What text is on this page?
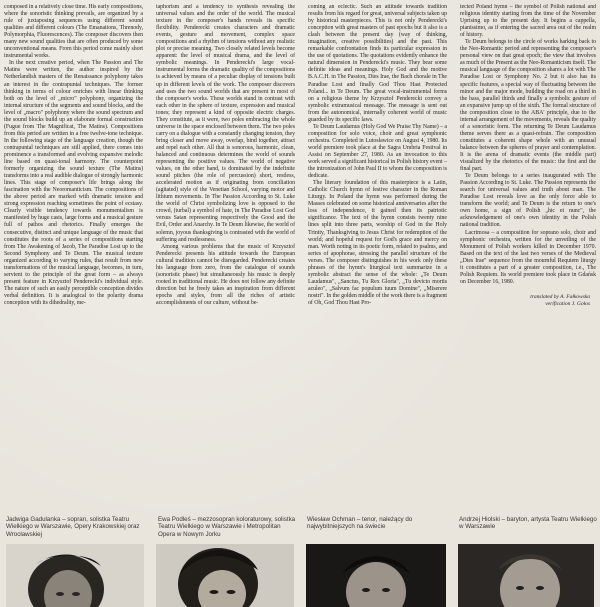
composed in a relatively close time. His early compositions, where the sonoristic thinking prevails, are organized by a rule of juxtaposing sequences using different sound qualities and different colours (The Emanations, Threnody, Polymorphia, Fluorescences). The composer discovers then many new sound qualities that are often produced by some unconventional means. From this period come mainly short instrumental works.

In the next creative period, when The Passion and The Matins were written, the author inspired by the Netherlandish masters of the Renaissance polyphony takes an interest in the contrapuntal techniques. The former thinking in terms of colour enriches with linear thinking both on the level of „micro" polyphony, organizing the internal structure of the segments and sound blocks, and the level of „macro" polyphony where the sound spectrum and the sound blocks build up an elaborate formal construction (Fugue from The Magnificat, The Matins). Compositions from this period are written in a free twelve-tone technique. In the following stage of the language creation, though the contrapuntal techniques are still applied, there comes into prominence a transformed and evolving expansive melodic line based on quasi-tonal harmony. The counterpoint formerly organizing the sound texture (The Matins) transforms into a real audible dialogue of strongly harmonic lines. This stage of composer's life brings along the fascination with the Neoromanticism. The compositions of the above period are marked with dramatic tension and strong expression reaching sometimes the point of ecstasy. Clearly visible tendency towards monumentalism is manifested by huge casts, large forms and a musical gesture full of pathos and rhetorics. Finally emerges the consecutive, distinct and unique language of the music that constitutes the roots of a series of compositions starting from The Awakening of Jacob, The Paradise Lost up to the Second Symphony and Te Deum. The musical texture organized according to varying rules, that result from new transformations of the musical language, becomes, in turn, servient to the principle of the great form – as always present feature in Krzysztof Penderecki's individual style. The nature of such an easily perceptible conception divides verbal definition. It is analogical to the polarity drama conception with its dihedrality, me-

taphorism and a tendency to synthesis revealing the universal values and the order of the world. The musical texture in the composer's hands reveals its specific flexibility. Penderecki creates characters and dramatic events, gesture and movement, complex space compositions and a rhythm of tensions without any realistic plot or precise meaning. Two closely related levels become apparent: the level of musical drama, and the level of symbolic meanings. In Penderecki's large vocal-instrumental forms the dramatic quality of the compositions is achieved by means of a peculiar display of tensions built up in different levels of the work. The composer discovers and uses the two sound worlds that are present in most of the composer's works. Those worlds stand in contrast with each other in the sphere of texture, expression and musical tones; they represent a kind of opposite electric charges. They constitute, as it were, two poles embracing the whole universe in the space enclosed between them. The two poles carry on a dialogue with a constantly changing tension, they bring closer and move away, overlap, bind together, attract and repel each other. All that is sonorous, harmonic, clean, balanced and continuous determines the world of sounds representing the positive values. The world of negative values, on the other hand, is dominated by the indefinite sound pitches (the role of percussion) short, restless, accelerated motion as if originating from conciliation (agitated) style of the Venetian School, varying motor and lithium movements. In The Passion According to St. Luke the world of Christ symbolizing love is opposed to the crowd, (turbal) a symbol of hate, in The Paradise Lost God versus Satan representing respectively the Good and the Evil, Order and Anarchy. In Te Deum likewise, the world of solemn, joyous thanksgiving is contrasted with the world of suffering and restlessness.

Among various problems that the music of Krzysztof Penderecki presents his attitude towards the European cultural tradition cannot be disregarded. Penderecki creates his language from zero, from the catalogue of sounds (sonoristic phase) but simultaneously his music is deeply rooted in traditional music. He does not follow any definite direction but he freely takes an inspiration from different epochs and styles, from all the riches of artistic accomplishments of our culture, without be-

coming an eclectic. Such an attitude towards tradition results from his regard for great, universal subjects taken up by historical masterpieces. This is not only Penderecki's conception with great masters of past epochs but it also is a clash between the present day (way of thinking, imagination, creative possibilities) and the past. This remarkable confrontation finds its particular expression in the use of quotations. The quotations evidently enhance the natural dimension in Penderecki's music. They bear some definite ideas and meanings. Holy God and the motive B.A.C.H. in The Passion, Dies Irae, the Bach chorale in The Paradise Lost and finally God Thou Hast Protected Poland... in Te Deum. The great vocal-instrumental forms on a religious theme by Krzysztof Penderecki convey a symbolic extramusical message. The message is sent out from the autonomical, internally coherent world of music guarded by its specific laws.

Te Deum Laudamus (Holy God We Praise Thy Name) – a composition for solo voice, choir and great symphonic orchestra. Completed in Lutosławice on August 4, 1980. Its world premiere took place at the Sagra Umbria Festival in Assisi on September 27, 1980. As an invocation to this work served a significant historical in Polish history event – the intronization of John Paul II to whom the composition is dedicate.

The literary foundation of this masterpiece is a Latin, Catholic Church hymn of festive character in the Roman Liturgy. In Poland the hymn was performed during the Masses celebrated on some historical anniversaries after the loss of independence, it gained then its patriotic significance. The text of the hymn consists twenty nine lines split into three parts, worship of God in the Holy Trinity, Thanksgiving to Jesus Christ for redemption of the world; and hopeful request for God's grace and mercy on man. Worth noting in its poetic form, related to psalms, and series of apophorae, stressing the parallel structure of the verses. The composer distinguishes in his work only these phrases of the hymn's liturgical text summarize in a symbolic abstract the sense of the whole: „Te Deum Laudamus", „Sanctus, Tu Rex Gloria", „Tu devicto mortis aculeo", „Salvum fac populum tuum Domine", „Miserere nostri". In the golden middle of the work there is a fragment of Oh, God Thou Hast Pro-

tected Poland hymn – the symbol of Polish national and religious identity starting from the time of the November Uprising up to the present day. It begins a cappella, pianissimo, as if entering the sacred area out of the realm of history.

Te Deum belongs to the circle of works harking back to the Neo-Romantic period and representing the composer's personal view on that great epoch; the view that involves as much of the Present as the Neo-Romanticism itself. The musical language of the composition shares a lot with The Paradise Lost or Symphony No. 2 but it also has its specific features, a special way of fluctuating between the minor and the major mode, building the road on a third in the bass, parallel thirds and finally a symbolic gesture of an expansive jump up of the sixth. The formal structure of the composition close to the ABA' principle, due to the internal arrangement of the movements, reveals the quality of a sonoristic form. The returning Te Deum Laudamus theme serves there as a quasi-refrain. The composition constitutes a coherent shape whole with an unusual balance between the spheres of prayer and contemplation. It is the arena of dramatic events (the middle part) visualized by the rhetorics of the music: the first and the final part.

Te Deum belongs to a series inaugurated with The Passion According to St. Luke. The Passion represents the search for universal values and truth about man. The Paradise Lost reveals love as the only force able to transform the world; and Te Deum is the return to one's own home, a sign of Polish „hic et nunc", the acknowledgement of one's own identity in the Polish national tradition.

Lacrimosa – a composition for soprano solo, choir and symphonic orchestra, written for the unveiling of the Monument of Polish workers killed in December 1970. Based on the text of the last two verses of the Medieval „Dies Irae" sequence from the mournful Requiem liturgy it constitutes a part of a greater composition, i.e., The Polish Requiem. Its world premiere took place in Gdańsk on December 16, 1980.

translated by A. Fałkowska
verification J. Gołos
Jadwiga Gadulanka – sopran, solistka Teatru Wielkiego w Warszawie, Opery Krakowskiej oraz Wrocławskiej
Ewa Podleś – mezzosopran koloraturowy, solistka Teatru Wielkiego w Warszawie i Metropolitan Opera w Nowym Jorku
Wiesław Ochman – tenor, należący do najwybitniejszych na świecie
Andrzej Hiolski – baryton, artysta Teatru Wielkiego w Warszawie
